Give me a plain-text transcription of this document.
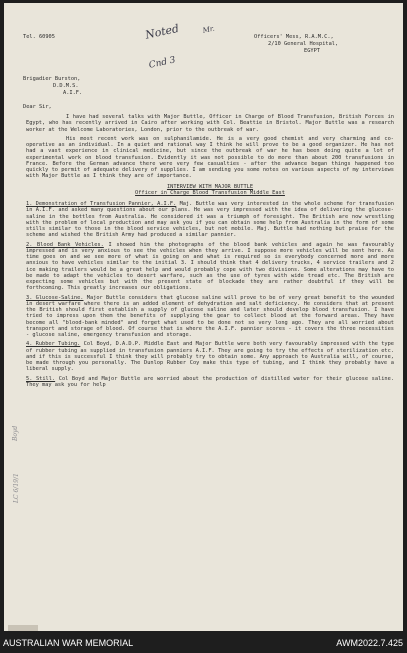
Tel. 60905	Officers' Mess, R.A.M.C.,
2/10 General Hospital,
EGYPT
Noted	Mr.
Cnd 3
Brigadier Burston,
D.D.M.S.
A.I.F.
Dear Sir,

I have had several talks with Major Buttle, Officer in Charge of Blood Transfusion, British Forces in Egypt, who has recently arrived in Cairo after working with Col. Beattie in Bristol. Major Buttle was a research worker at the Welcome Laboratories, London, prior to the outbreak of war.

His most recent work was on sulphanilamide. He is a very good chemist and very charming and co-operative as an individual. In a quiet and rational way I think he will prove to be a good organizer. He has not had a vast experience in clinical medicine, but since the outbreak of war he has been doing quite a lot of experimental work on blood transfusion. Evidently it was not possible to do more than about 200 transfusions in France. Before the German advance there were very few casualties - after the advance began things happened too quickly to permit of adequate delivery of supplies. I am sending you some notes on various aspects of my interviews with Major Buttle as I think they are of importance.

INTERVIEW WITH MAJOR BUTTLE
Officer in Charge Blood Transfusion Middle East

1. Demonstration of Transfusion Pannier, A.I.F. Maj. Buttle was very interested in the whole scheme for transfusion in A.I.F. and asked many questions about our plans. He was very impressed with the idea of delivering the glucose-saline in the bottles from Australia. He considered it was a triumph of foresight. The British are now wrestling with the problem of local production and may ask you if you can obtain some help from Australia in the form of some stills similar to those in the blood service vehicles, but not mobile. Maj. Buttle had nothing but praise for the scheme and wished the British Army had produced a similar pannier.

2. Blood Bank Vehicles. I showed him the photographs of the blood bank vehicles and again he was favourably impressed and is very anxious to see the vehicles when they arrive. I suppose more vehicles will be sent here. As time goes on and we see more of what is going on and what is required so is everybody concerned more and more anxious to have vehicles similar to the initial 3. I should think that 4 delivery trucks, 4 service trailers and 2 ice making trailers would be a great help and would probably cope with two divisions. Some alterations may have to be made to adapt the vehicles to desert warfare, such as the use of tyres with wide tread etc. The British are expecting some vehicles but with the present state of blockade they are rather doubtful if they will be forthcoming. This greatly increases our obligations.

3. Glucose-Saline. Major Buttle considers that glucose saline will prove to be of very great benefit to the wounded in desert warfare where there is an added element of dehydration and salt deficiency. He considers that at present the British should first establish a supply of glucose saline and later should develop blood transfusion. I have tried to impress upon them the benefits of supplying the gear to collect blood at the forward areas. They have become all "blood-bank minded" and forget what used to be done not so very long ago. They are all worried about transport and storage of blood. Of course that is where the A.I.F. pannier scores - it covers the three necessities - glucose saline, emergency transfusion and storage.

4. Rubber Tubing. Col Boyd, D.A.D.P. Middle East and Major Buttle were both very favourably impressed with the type of rubber tubing as supplied in transfusion panniers A.I.F. They are going to try the effects of sterilization etc. and if this is successful I think they will probably try to obtain some. Any approach to Australia will, of course, be made through you personally. The Dunlop Rubber Coy make this type of tubing, and I think they probably have a liberal supply.

5. Still. Col Boyd and Major Buttle are worried about the production of distilled water for their glucose saline. They may ask you for help

Boyd
LC 6/19/1
AUSTRALIAN WAR MEMORIAL	AWM2022.7.425
